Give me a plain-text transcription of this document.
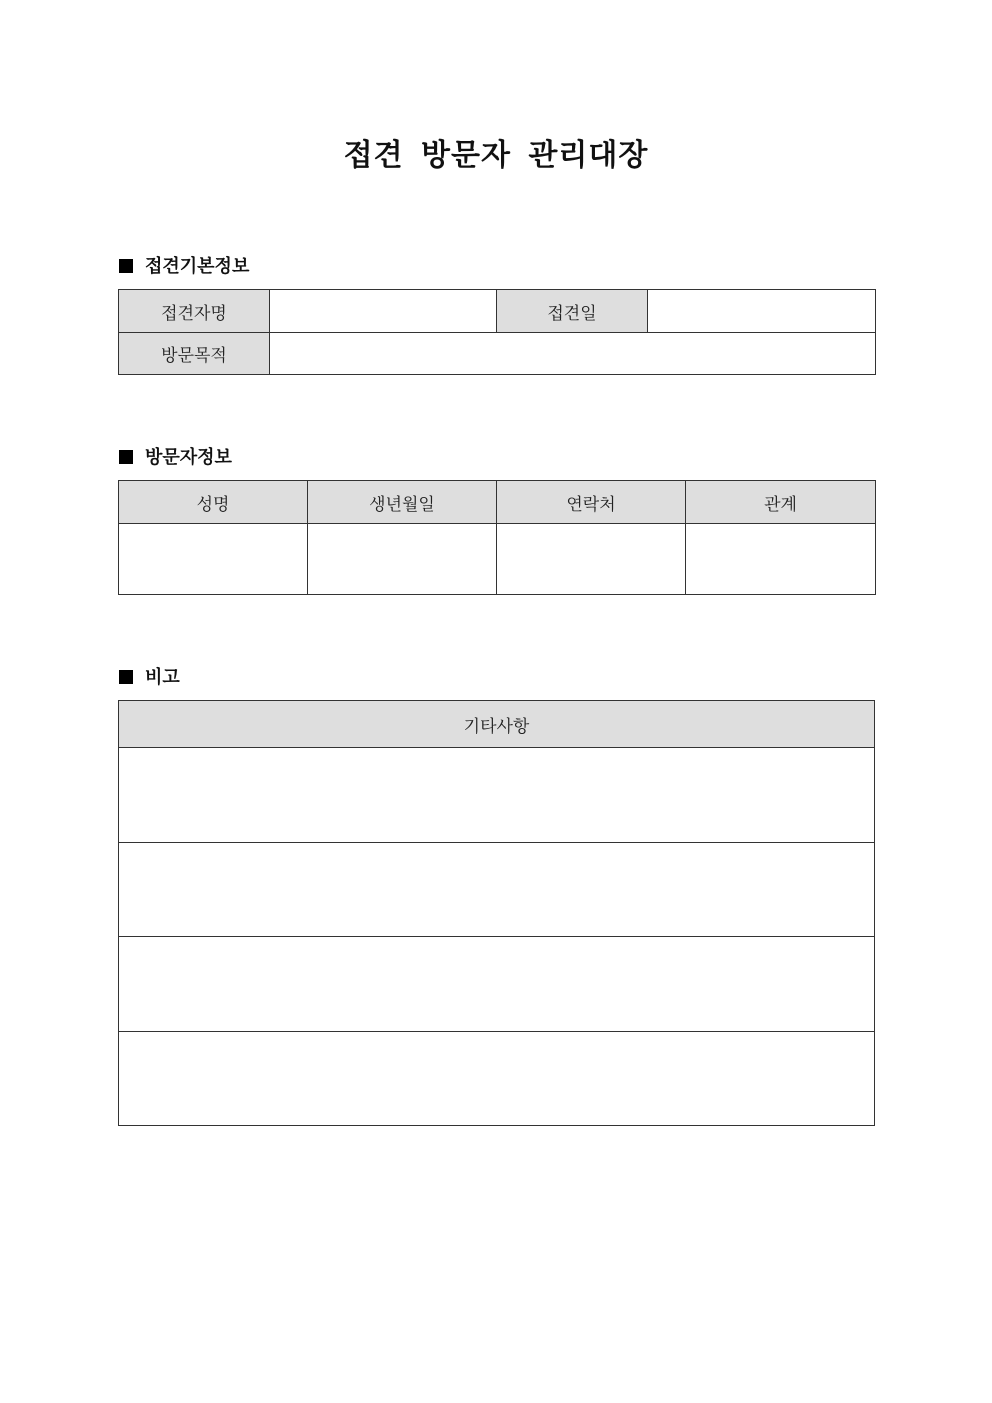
접견 방문자 관리대장
접견기본정보
접견자명		접견일	
방문목적			
방문자정보
성명	생년월일	연락처	관계

비고
기타사항
